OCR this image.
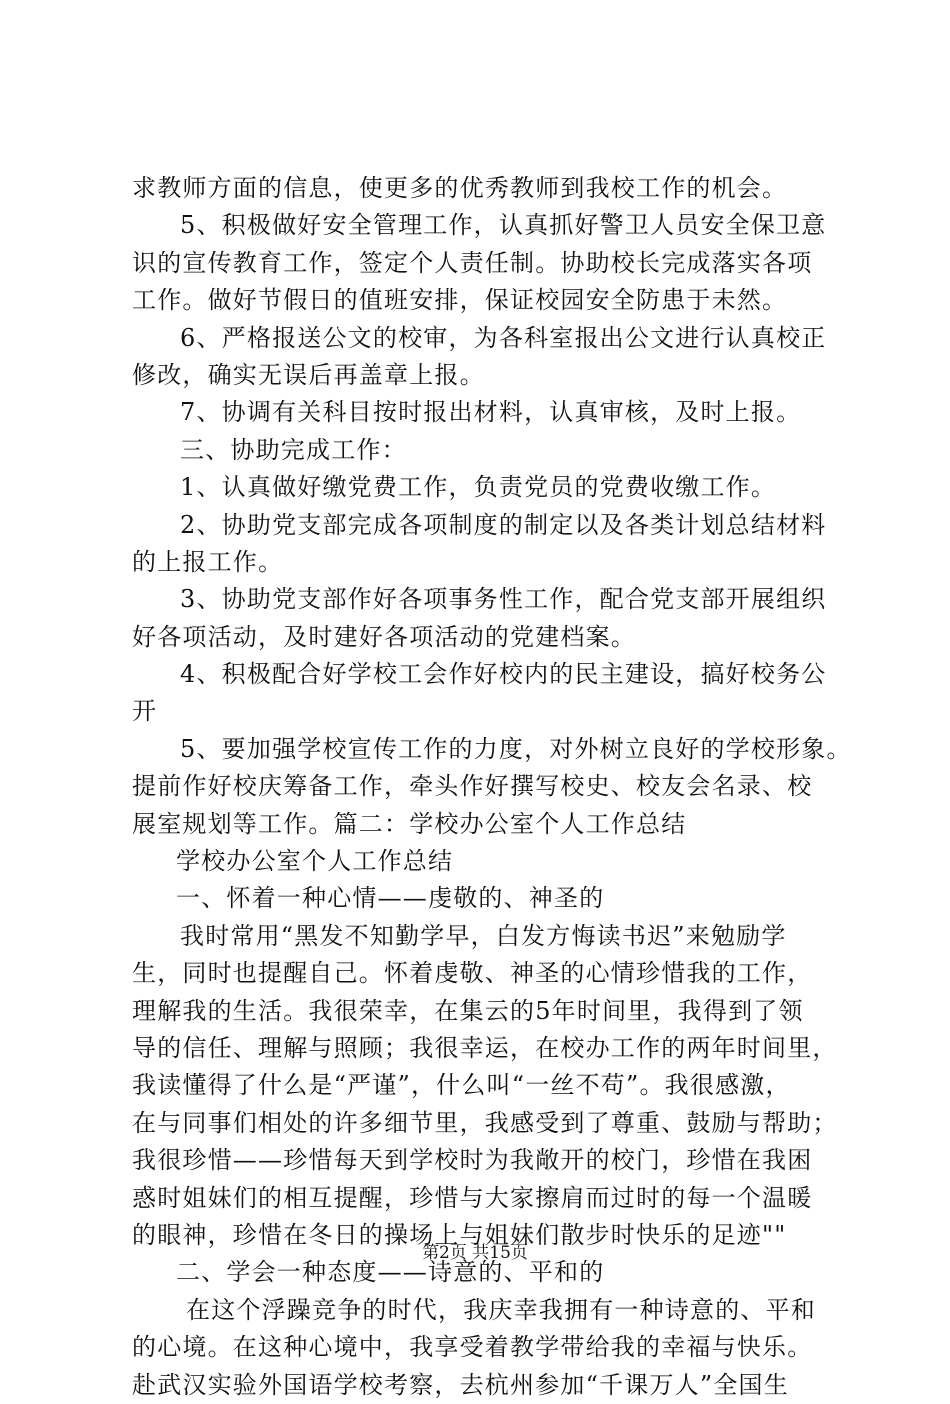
求教师方面的信息，使更多的优秀教师到我校工作的机会。
5、积极做好安全管理工作，认真抓好警卫人员安全保卫意
识的宣传教育工作，签定个人责任制。协助校长完成落实各项
工作。做好节假日的值班安排，保证校园安全防患于未然。
6、严格报送公文的校审，为各科室报出公文进行认真校正
修改，确实无误后再盖章上报。
7、协调有关科目按时报出材料，认真审核，及时上报。
三、协助完成工作：
1、认真做好缴党费工作，负责党员的党费收缴工作。
2、协助党支部完成各项制度的制定以及各类计划总结材料
的上报工作。
3、协助党支部作好各项事务性工作，配合党支部开展组织
好各项活动，及时建好各项活动的党建档案。
4、积极配合好学校工会作好校内的民主建设，搞好校务公
开
5、要加强学校宣传工作的力度，对外树立良好的学校形象。
提前作好校庆筹备工作，牵头作好撰写校史、校友会名录、校
展室规划等工作。篇二：学校办公室个人工作总结
学校办公室个人工作总结
一、怀着一种心情——虔敬的、神圣的
我时常用“黑发不知勤学早，白发方悔读书迟”来勉励学
生，同时也提醒自己。怀着虔敬、神圣的心情珍惜我的工作，
理解我的生活。我很荣幸，在集云的5年时间里，我得到了领
导的信任、理解与照顾；我很幸运，在校办工作的两年时间里，
我读懂得了什么是“严谨”，什么叫“一丝不苟”。我很感激，
在与同事们相处的许多细节里，我感受到了尊重、鼓励与帮助；
我很珍惜——珍惜每天到学校时为我敞开的校门，珍惜在我困
惑时姐妹们的相互提醒，珍惜与大家擦肩而过时的每一个温暖
的眼神，珍惜在冬日的操场上与姐妹们散步时快乐的足迹""
二、学会一种态度——诗意的、平和的
在这个浮躁竞争的时代，我庆幸我拥有一种诗意的、平和
的心境。在这种心境中，我享受着教学带给我的幸福与快乐。
赴武汉实验外国语学校考察，去杭州参加“千课万人”全国生
第2页 共15页
